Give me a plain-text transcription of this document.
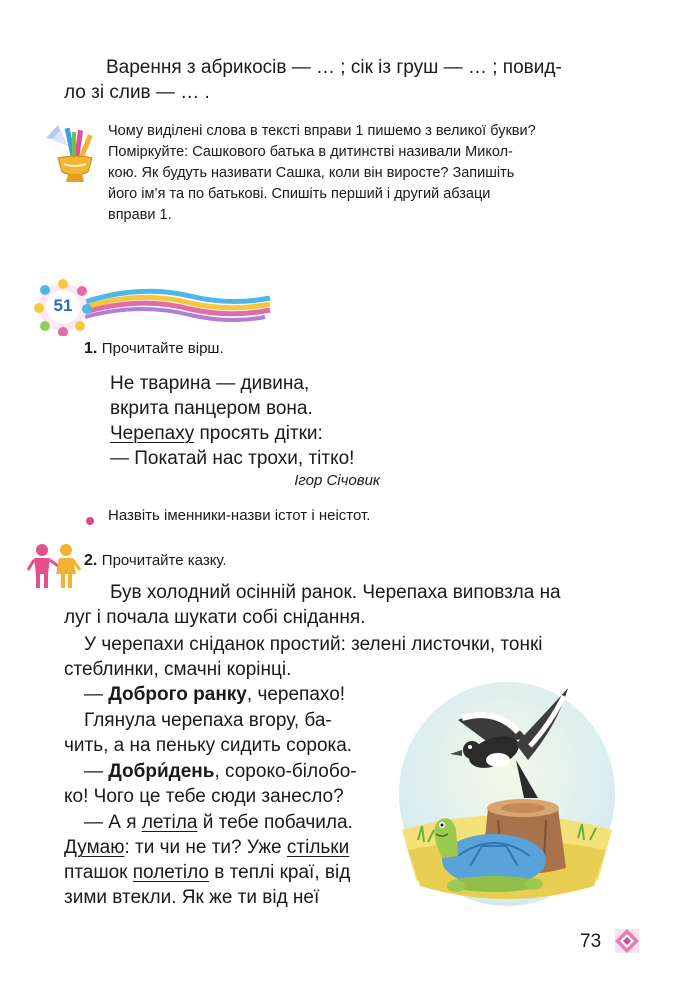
Варення з абрикосів — … ; сік із груш — … ; повид-
ло зі слив — … .
Чому виділені слова в тексті вправи 1 пишемо з великої букви?
Поміркуйте: Сашкового батька в дитинстві називали Микол-
кою. Як будуть називати Сашка, коли він виросте? Запишіть
його ім’я та по батькові. Спишіть перший і другий абзаци
вправи 1.
51
1. Прочитайте вірш.
Не тварина — дивина,
вкрита панцером вона.
Черепаху просять дітки:
— Покатай нас трохи, тітко!
Ігор Січовик
Назвіть іменники-назви істот і неістот.
2. Прочитайте казку.
Був холодний осінній ранок. Черепаха виповзла на
луг і почала шукати собі снідання.
У черепахи сніданок простий: зелені листочки, тонкі
стеблинки, смачні корінці.
— Доброго ранку, черепахо!
Глянула черепаха вгору, ба-
чить, а на пеньку сидить сорока.
— Добри́день, сороко-білобо-
ко! Чого це тебе сюди занесло?
— А я летіла й тебе побачила.
Думаю: ти чи не ти? Уже стільки
пташок полетіло в теплі краї, від
зими втекли. Як же ти від неї
73
